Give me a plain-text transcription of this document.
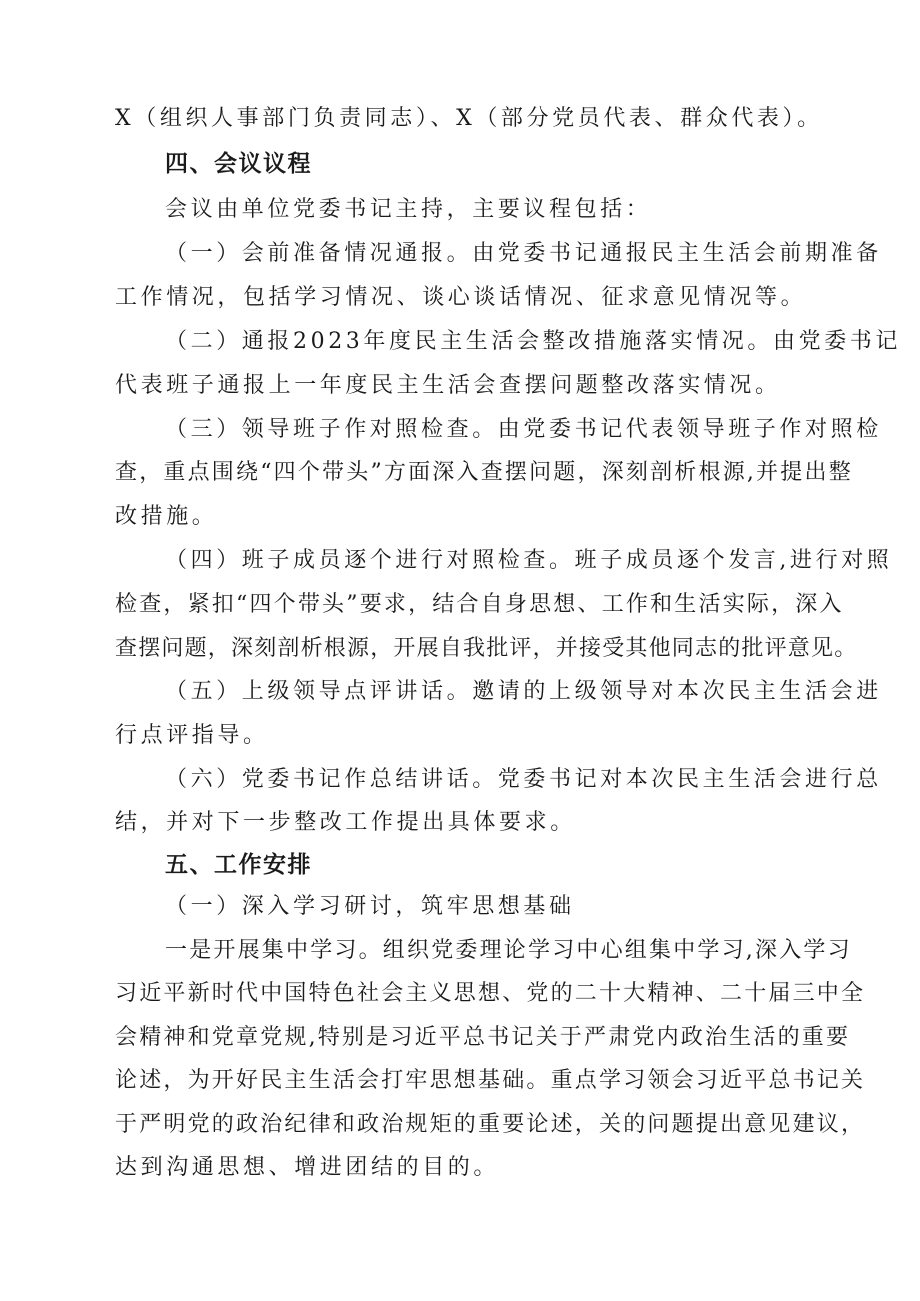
X（组织人事部门负责同志）、X（部分党员代表、群众代表）。
四、会议议程
会议由单位党委书记主持，主要议程包括：
（一）会前准备情况通报。由党委书记通报民主生活会前期准备
工作情况，包括学习情况、谈心谈话情况、征求意见情况等。
（二）通报2023年度民主生活会整改措施落实情况。由党委书记
代表班子通报上一年度民主生活会查摆问题整改落实情况。
（三）领导班子作对照检查。由党委书记代表领导班子作对照检
查，重点围绕“四个带头”方面深入查摆问题，深刻剖析根源,并提出整
改措施。
（四）班子成员逐个进行对照检查。班子成员逐个发言,进行对照
检查，紧扣“四个带头”要求，结合自身思想、工作和生活实际，深入
查摆问题，深刻剖析根源，开展自我批评，并接受其他同志的批评意见。
（五）上级领导点评讲话。邀请的上级领导对本次民主生活会进
行点评指导。
（六）党委书记作总结讲话。党委书记对本次民主生活会进行总
结，并对下一步整改工作提出具体要求。
五、工作安排
（一）深入学习研讨，筑牢思想基础
一是开展集中学习。组织党委理论学习中心组集中学习,深入学习
习近平新时代中国特色社会主义思想、党的二十大精神、二十届三中全
会精神和党章党规,特别是习近平总书记关于严肃党内政治生活的重要
论述，为开好民主生活会打牢思想基础。重点学习领会习近平总书记关
于严明党的政治纪律和政治规矩的重要论述，关的问题提出意见建议，
达到沟通思想、增进团结的目的。
